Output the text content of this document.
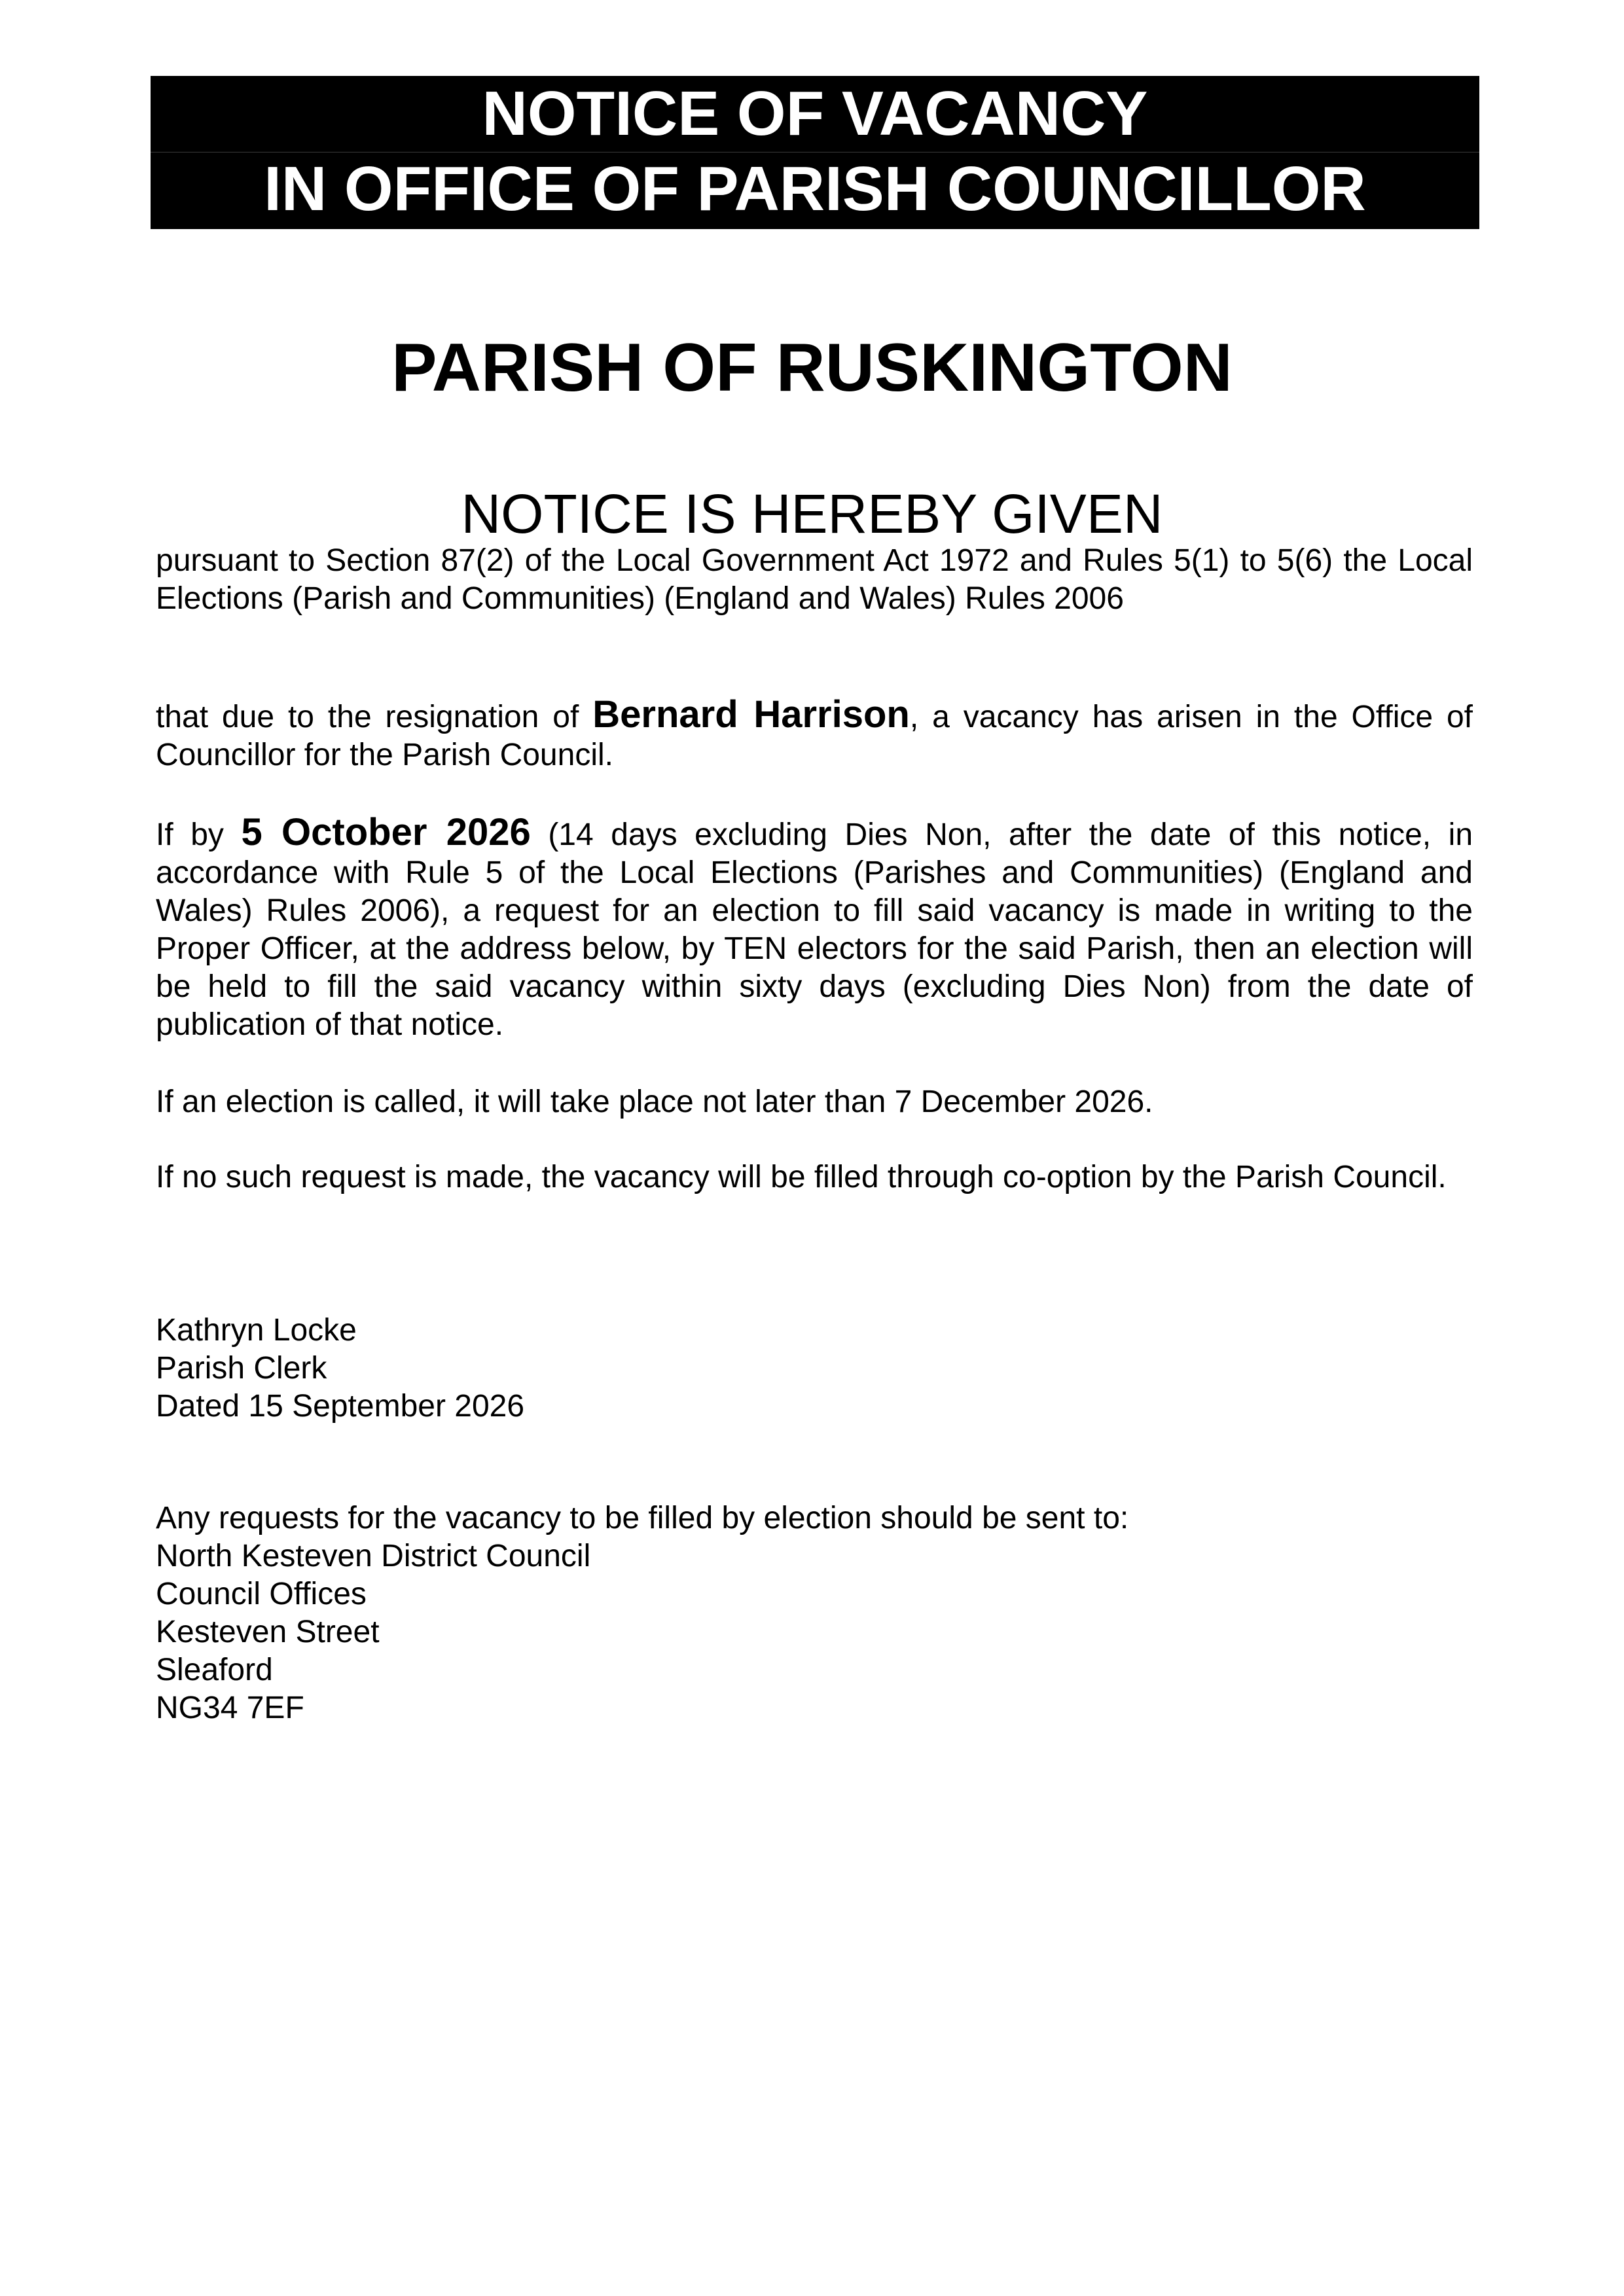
NOTICE OF VACANCY
IN OFFICE OF PARISH COUNCILLOR
PARISH OF RUSKINGTON
NOTICE IS HEREBY GIVEN
pursuant to Section 87(2) of the Local Government Act 1972 and Rules 5(1) to 5(6) the Local Elections (Parish and Communities) (England and Wales) Rules 2006
that due to the resignation of Bernard Harrison, a vacancy has arisen in the Office of Councillor for the Parish Council.
If by 5 October 2026 (14 days excluding Dies Non, after the date of this notice, in accordance with Rule 5 of the Local Elections (Parishes and Communities) (England and Wales) Rules 2006), a request for an election to fill said vacancy is made in writing to the Proper Officer, at the address below, by TEN electors for the said Parish, then an election will be held to fill the said vacancy within sixty days (excluding Dies Non) from the date of publication of that notice.
If an election is called, it will take place not later than 7 December 2026.
If no such request is made, the vacancy will be filled through co-option by the Parish Council.
Kathryn Locke
Parish Clerk
Dated 15 September 2026
Any requests for the vacancy to be filled by election should be sent to:
North Kesteven District Council
Council Offices
Kesteven Street
Sleaford
NG34 7EF
